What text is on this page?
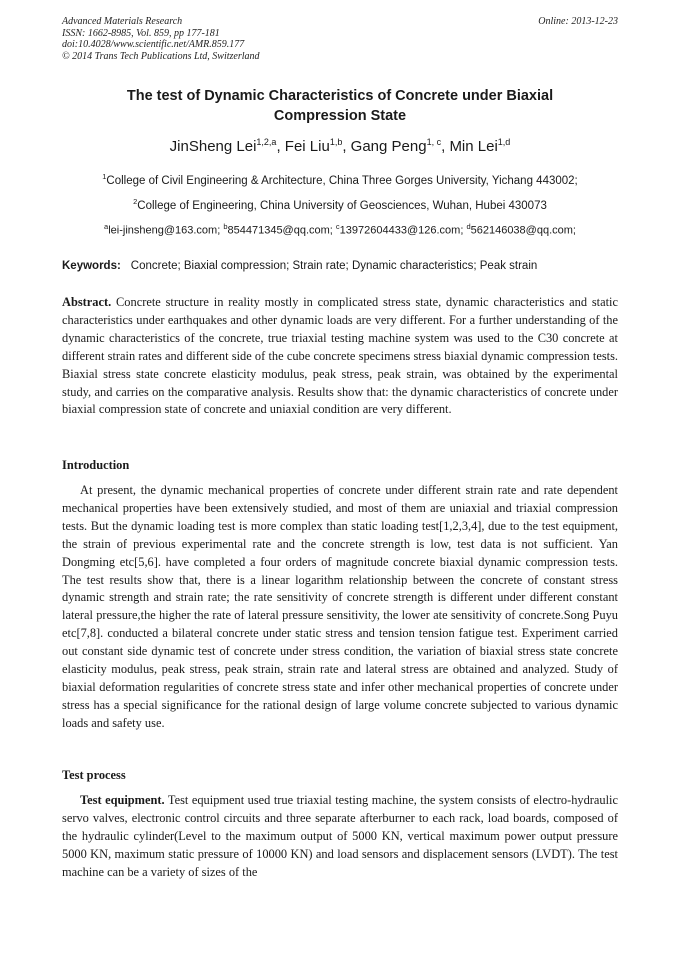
Advanced Materials Research
ISSN: 1662-8985, Vol. 859, pp 177-181
doi:10.4028/www.scientific.net/AMR.859.177
© 2014 Trans Tech Publications Ltd, Switzerland
Online: 2013-12-23
The test of Dynamic Characteristics of Concrete under Biaxial
Compression State
JinSheng Lei$^{1,2,a}$, Fei Liu$^{1,b}$, Gang Peng$^{1, c}$, Min Lei$^{1,d}$
$^1$College of Civil Engineering & Architecture, China Three Gorges University, Yichang 443002;
$^2$College of Engineering, China University of Geosciences, Wuhan, Hubei 430073
$^a$lei-jinsheng@163.com; $^b$854471345@qq.com; $^c$13972604433@126.com; $^d$562146038@qq.com;
Keywords: Concrete; Biaxial compression; Strain rate; Dynamic characteristics; Peak strain
Abstract. Concrete structure in reality mostly in complicated stress state, dynamic characteristics and static characteristics under earthquakes and other dynamic loads are very different. For a further understanding of the dynamic characteristics of the concrete, true triaxial testing machine system was used to the C30 concrete at different strain rates and different side of the cube concrete specimens stress biaxial dynamic compression tests. Biaxial stress state concrete elasticity modulus, peak stress, peak strain, was obtained by the experimental study, and carries on the comparative analysis. Results show that: the dynamic characteristics of concrete under biaxial compression state of concrete and uniaxial condition are very different.
Introduction
At present, the dynamic mechanical properties of concrete under different strain rate and rate dependent mechanical properties have been extensively studied, and most of them are uniaxial and triaxial compression tests. But the dynamic loading test is more complex than static loading test[1,2,3,4], due to the test equipment, the strain of previous experimental rate and the concrete strength is low, test data is not sufficient. Yan Dongming etc[5,6]. have completed a four orders of magnitude concrete biaxial dynamic compression tests. The test results show that, there is a linear logarithm relationship between the concrete of constant stress dynamic strength and strain rate; the rate sensitivity of concrete strength is different under different constant lateral pressure,the higher the rate of lateral pressure sensitivity, the lower ate sensitivity of concrete.Song Puyu etc[7,8]. conducted a bilateral concrete under static stress and tension tension fatigue test. Experiment carried out constant side dynamic test of concrete under stress condition, the variation of biaxial stress state concrete elasticity modulus, peak stress, peak strain, strain rate and lateral stress are obtained and analyzed. Study of biaxial deformation regularities of concrete stress state and infer other mechanical properties of concrete under stress has a special significance for the rational design of large volume concrete subjected to various dynamic loads and safety use.
Test process
Test equipment. Test equipment used true triaxial testing machine, the system consists of electro-hydraulic servo valves, electronic control circuits and three separate afterburner to each rack, load boards, composed of the hydraulic cylinder(Level to the maximum output of 5000 KN, vertical maximum power output pressure 5000 KN, maximum static pressure of 10000 KN) and load sensors and displacement sensors (LVDT). The test machine can be a variety of sizes of the
